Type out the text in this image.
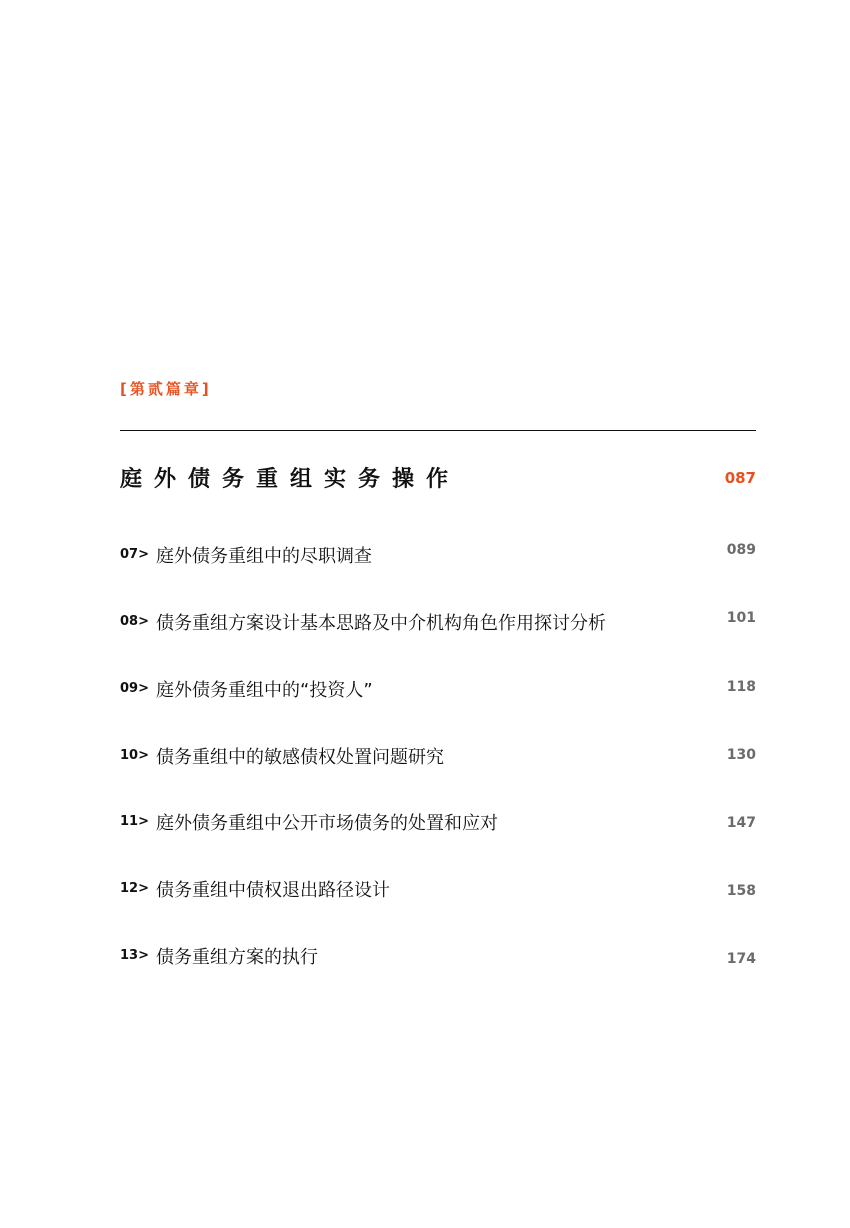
[第贰篇章]
庭外债务重组实务操作	087
07> 庭外债务重组中的尽职调查	089
08> 债务重组方案设计基本思路及中介机构角色作用探讨分析	101
09> 庭外债务重组中的“投资人”	118
10> 债务重组中的敏感债权处置问题研究	130
11> 庭外债务重组中公开市场债务的处置和应对	147
12> 债务重组中债权退出路径设计	158
13> 债务重组方案的执行	174
